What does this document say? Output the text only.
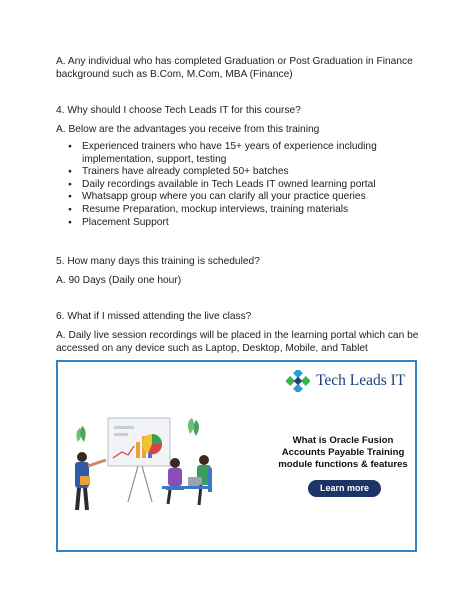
A. Any individual who has completed Graduation or Post Graduation in Finance background such as B.Com, M.Com, MBA (Finance)

4. Why should I choose Tech Leads IT for this course?

A. Below are the advantages you receive from this training

● Experienced trainers who have 15+ years of experience including implementation, support, testing
● Trainers have already completed 50+ batches
● Daily recordings available in Tech Leads IT owned learning portal
● Whatsapp group where you can clarify all your practice queries
● Resume Preparation, mockup interviews, training materials
● Placement Support

5. How many days this training is scheduled?

A. 90 Days (Daily one hour)

6. What if I missed attending the live class?

A. Daily live session recordings will be placed in the learning portal which can be accessed on any device such as Laptop, Desktop, Mobile, and Tablet

Tech Leads IT
What is Oracle Fusion
Accounts Payable Training
module functions & features
Learn more
